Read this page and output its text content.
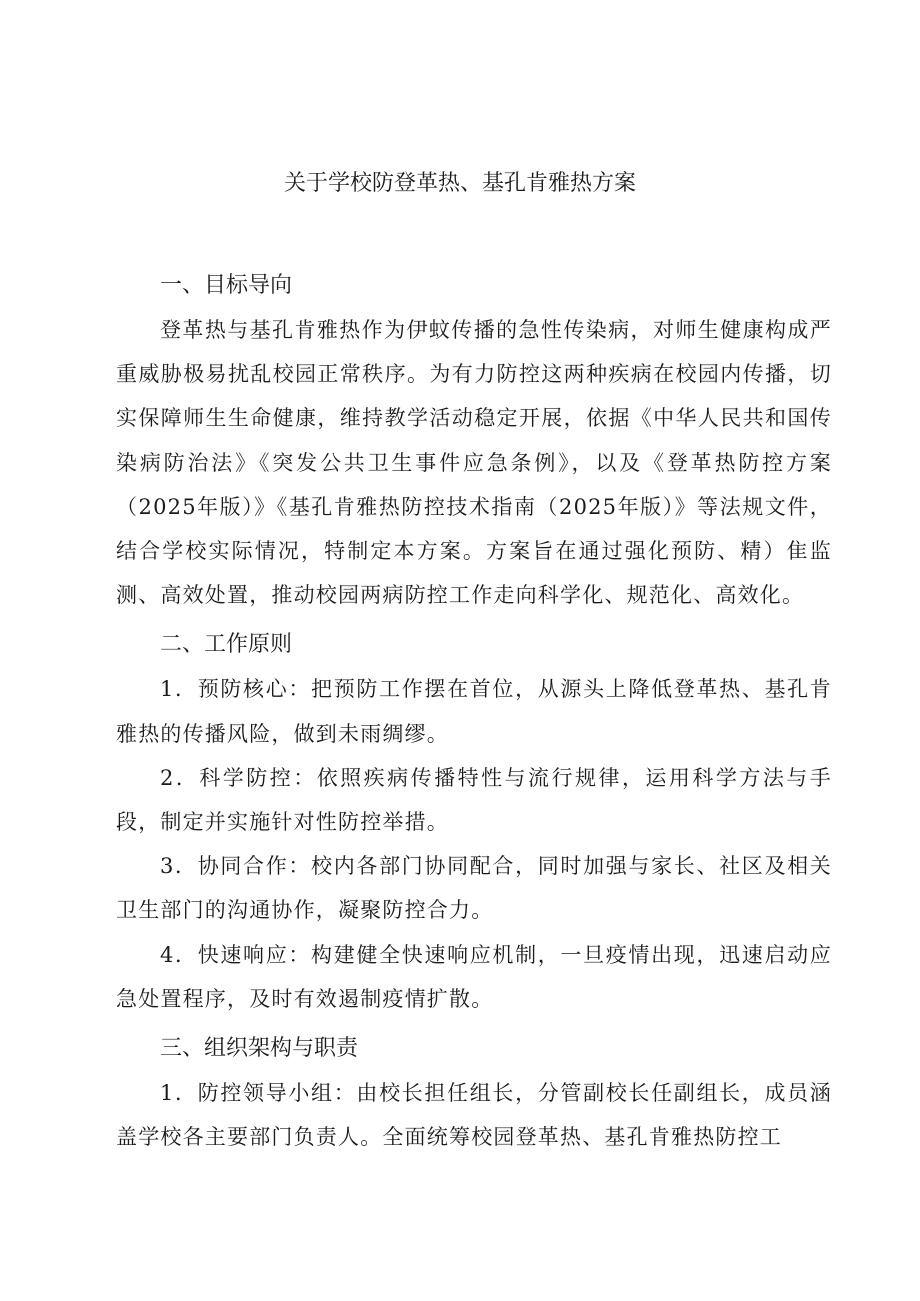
关于学校防登革热、基孔肯雅热方案
一、目标导向

登革热与基孔肯雅热作为伊蚊传播的急性传染病，对师生健康构成严重威胁极易扰乱校园正常秩序。为有力防控这两种疾病在校园内传播，切实保障师生生命健康，维持教学活动稳定开展，依据《中华人民共和国传染病防治法》《突发公共卫生事件应急条例》，以及《登革热防控方案（2025年版）》《基孔肯雅热防控技术指南（2025年版）》等法规文件，结合学校实际情况，特制定本方案。方案旨在通过强化预防、精）隹监测、高效处置，推动校园两病防控工作走向科学化、规范化、高效化。

二、工作原则

1．预防核心：把预防工作摆在首位，从源头上降低登革热、基孔肯雅热的传播风险，做到未雨绸缪。

2．科学防控：依照疾病传播特性与流行规律，运用科学方法与手段，制定并实施针对性防控举措。

3．协同合作：校内各部门协同配合，同时加强与家长、社区及相关卫生部门的沟通协作，凝聚防控合力。

4．快速响应：构建健全快速响应机制，一旦疫情出现，迅速启动应急处置程序，及时有效遏制疫情扩散。

三、组织架构与职责

1．防控领导小组：由校长担任组长，分管副校长任副组长，成员涵盖学校各主要部门负责人。全面统筹校园登革热、基孔肯雅热防控工
